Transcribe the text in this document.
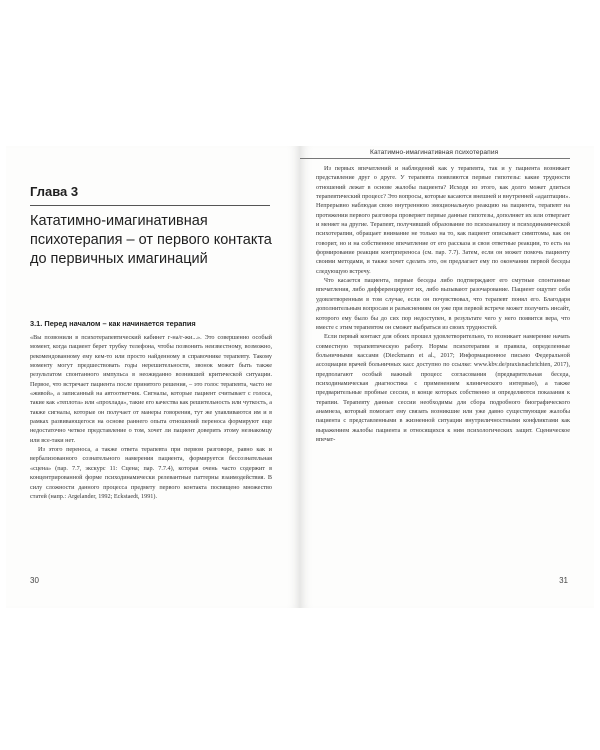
Глава 3
Кататимно-имагинативная психотерапия – от первого контакта до первичных имагинаций
3.1. Перед началом – как начинается терапия

«Вы позвонили в психотерапевтический кабинет г-на/г-жи...». Это совершенно особый момент, когда пациент берет трубку телефона, чтобы позвонить неизвестному, возможно, рекомендованному ему кем-то или просто найденному в справочнике терапевту. Такому моменту могут предшествовать годы нерешительности, звонок может быть также результатом спонтанного импульса в неожиданно возникшей критической ситуации. Первое, что встречает пациента после принятого решения, – это голос терапевта, часто не «живой», а записанный на автоответчик. Сигналы, которые пациент считывает с голоса, такие как «теплота» или «прохлада», такие его качества как решительность или чуткость, а также сигналы, которые он получает от манеры говорения, тут же улавливаются им и в рамках развивающегося на основе раннего опыта отношений переноса формируют еще недостаточно четкое представление о том, хочет ли пациент доверить этому незнакомцу или все-таки нет.

Из этого переноса, а также ответа терапевта при первом разговоре, равно как и вербализованного сознательного намерения пациента, формируется бессознательная «сцена» (пар. 7.7, экскурс 11: Сцена; пар. 7.7.4), которая очень часто содержит в концентрированной форме психодинамически релевантные паттерны взаимодействия. В силу сложности данного процесса предмету первого контакта посвящено множество статей (напр.: Argelander, 1992; Eckstaedt, 1991).

30
Кататимно-имагинативная психотерапия

Из первых впечатлений и наблюдений как у терапевта, так и у пациента возникает представление друг о друге. У терапевта появляются первые гипотезы: какие трудности отношений лежат в основе жалобы пациента? Исходя из этого, как долго может длиться терапевтический процесс? Это вопросы, которые касаются внешней и внутренней «адаптации». Непрерывно наблюдая свою внутреннюю эмоциональную реакцию на пациента, терапевт на протяжении первого разговора проверяет первые данные гипотезы, дополняет их или отвергает и меняет на другие. Терапевт, получивший образование по психоанализу и психодинамической психотерапии, обращает внимание не только на то, как пациент описывает симптомы, как он говорит, но и на собственное впечатление от его рассказа и свои ответные реакции, то есть на формирование реакции контрпереноса (см. пар. 7.7). Затем, если он может помочь пациенту своими методами, и также хочет сделать это, он предлагает ему по окончании первой беседы следующую встречу.

Что касается пациента, первые беседы либо подтверждают его смутные спонтанные впечатления, либо дифференцируют их, либо вызывают разочарование. Пациент ощутит себя удовлетворенным в том случае, если он почувствовал, что терапевт понял его. Благодаря дополнительным вопросам и разъяснениям он уже при первой встрече может получить инсайт, которого ему было бы до сих пор недоступен, в результате чего у него появится вера, что вместе с этим терапевтом он сможет выбраться из своих трудностей.

Если первый контакт для обоих прошел удовлетворительно, то возникает намерение начать совместную терапевтическую работу. Нормы психотерапии и правила, определенные больничными кассами (Dieckmann et al., 2017; Информационное письмо Федеральной ассоциации врачей больничных касс доступно по ссылке: www.kbv.de/praxisnachrichten, 2017), предполагают особый важный процесс согласования (предварительная беседа, психодинамическая диагностика с применением клинического интервью), а также предварительные пробные сессии, в конце которых собственно и определяются показания к терапии. Терапевту данные сессии необходимы для сбора подробного биографического анамнеза, который помогает ему связать возникшие или уже давно существующие жалобы пациента с представленными в жизненной ситуации внутриличностными конфликтами как выражением жалобы пациента и относящихся к ним психологических защит. Сценическое впечат-

31
